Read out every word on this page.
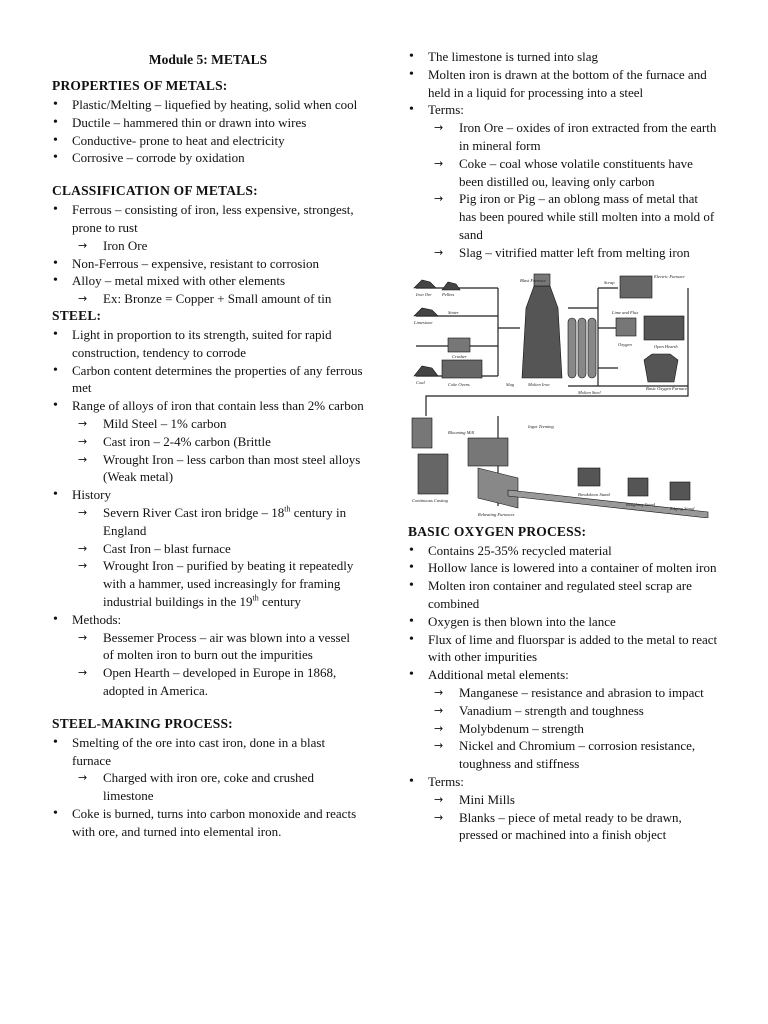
Module 5: METALS
PROPERTIES OF METALS:
• Plastic/Melting – liquefied by heating, solid when cool
• Ductile – hammered thin or drawn into wires
• Conductive- prone to heat and electricity
• Corrosive – corrode by oxidation
CLASSIFICATION OF METALS:
• Ferrous – consisting of iron, less expensive, strongest, prone to rust
→ Iron Ore
• Non-Ferrous – expensive, resistant to corrosion
• Alloy – metal mixed with other elements
→ Ex: Bronze = Copper + Small amount of tin
STEEL:
• Light in proportion to its strength, suited for rapid construction, tendency to corrode
• Carbon content determines the properties of any ferrous met
• Range of alloys of iron that contain less than 2% carbon
→ Mild Steel – 1% carbon
→ Cast iron – 2-4% carbon (Brittle
→ Wrought Iron – less carbon than most steel alloys (Weak metal)
• History
→ Severn River Cast iron bridge – 18th century in England
→ Cast Iron – blast furnace
→ Wrought Iron – purified by beating it repeatedly with a hammer, used increasingly for framing industrial buildings in the 19th century
• Methods:
→ Bessemer Process – air was blown into a vessel of molten iron to burn out the impurities
→ Open Hearth – developed in Europe in 1868, adopted in America.
STEEL-MAKING PROCESS:
• Smelting of the ore into cast iron, done in a blast furnace
→ Charged with iron ore, coke and crushed limestone
• Coke is burned, turns into carbon monoxide and reacts with ore, and turned into elemental iron.
• The limestone is turned into slag
• Molten iron is drawn at the bottom of the furnace and held in a liquid for processing into a steel
• Terms:
→ Iron Ore – oxides of iron extracted from the earth in mineral form
→ Coke – coal whose volatile constituents have been distilled ou, leaving only carbon
→ Pig iron or Pig – an oblong mass of metal that has been poured while still molten into a mold of sand
→ Slag – vitrified matter left from melting iron
Iron Ore Pellets
Sinter
Limestone
Crusher
Coal	Coke Ovens
Blast Furnace
Slag	Molten Iron
Scrap
Electric Furnace
Lime and Flux
Oxygen	Open Hearth
Basic Oxygen Furnace
Molten Steel
Ingot Teeming
Blooming Mill
Continuous Casting
Reheating Furnaces
Breakdown Stand
Roughing Stand
Edging Stand
BASIC OXYGEN PROCESS:
• Contains 25-35% recycled material
• Hollow lance is lowered into a container of molten iron
• Molten iron container and regulated steel scrap are combined
• Oxygen is then blown into the lance
• Flux of lime and fluorspar is added to the metal to react with other impurities
• Additional metal elements:
→ Manganese – resistance and abrasion to impact
→ Vanadium – strength and toughness
→ Molybdenum – strength
→ Nickel and Chromium – corrosion resistance, toughness and stiffness
• Terms:
→ Mini Mills
→ Blanks – piece of metal ready to be drawn, pressed or machined into a finish object
